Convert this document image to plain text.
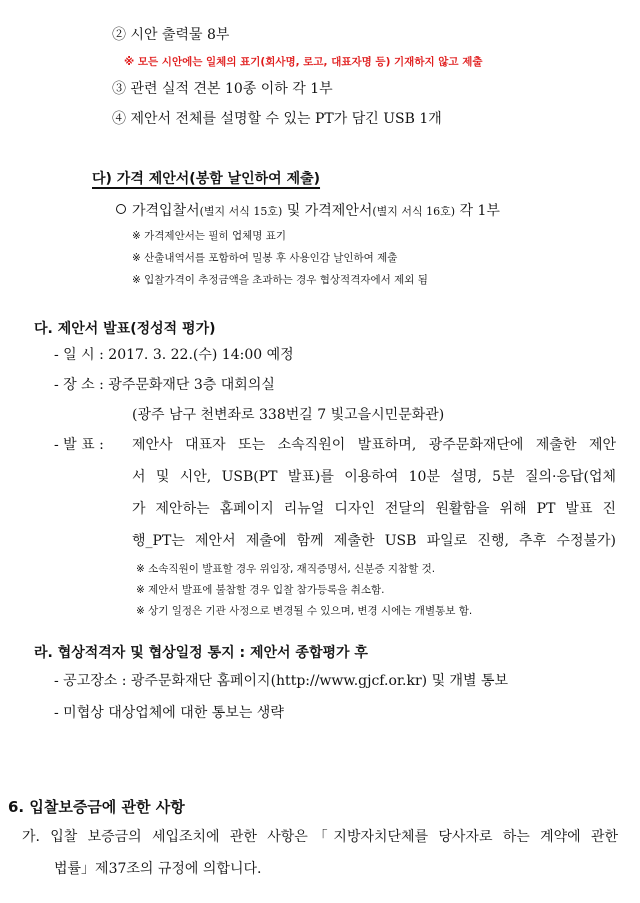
② 시안 출력물 8부
※ 모든 시안에는 일체의 표기(회사명, 로고, 대표자명 등) 기재하지 않고 제출
③ 관련 실적 견본 10종 이하 각 1부
④ 제안서 전체를 설명할 수 있는 PT가 담긴 USB 1개
다) 가격 제안서(봉함 날인하여 제출)
가격입찰서(별지 서식 15호) 및 가격제안서(별지 서식 16호) 각 1부
※ 가격제안서는 필히 업체명 표기
※ 산출내역서를 포함하여 밀봉 후 사용인감 날인하여 제출
※ 입찰가격이 추정금액을 초과하는 경우 협상적격자에서 제외 됨
다. 제안서 발표(정성적 평가)
- 일 시 : 2017. 3. 22.(수) 14:00 예정
- 장 소 : 광주문화재단 3층 대회의실
(광주 남구 천변좌로 338번길 7 빛고을시민문화관)
- 발 표 : 제안사 대표자 또는 소속직원이 발표하며, 광주문화재단에 제출한 제안
서 및 시안, USB(PT 발표)를 이용하여 10분 설명, 5분 질의·응답(업체
가 제안하는 홈페이지 리뉴얼 디자인 전달의 원활함을 위해 PT 발표 진
행_PT는 제안서 제출에 함께 제출한 USB 파일로 진행, 추후 수정불가)
※ 소속직원이 발표할 경우 위임장, 재직증명서, 신분증 지참할 것.
※ 제안서 발표에 불참할 경우 입찰 참가등록을 취소함.
※ 상기 일정은 기관 사정으로 변경될 수 있으며, 변경 시에는 개별통보 함.
라. 협상적격자 및 협상일정 통지 : 제안서 종합평가 후
- 공고장소 : 광주문화재단 홈페이지(http://www.gjcf.or.kr) 및 개별 통보
- 미협상 대상업체에 대한 통보는 생략
6. 입찰보증금에 관한 사항
가. 입찰 보증금의 세입조치에 관한 사항은「지방자치단체를 당사자로 하는 계약에 관한
법률」제37조의 규정에 의합니다.
